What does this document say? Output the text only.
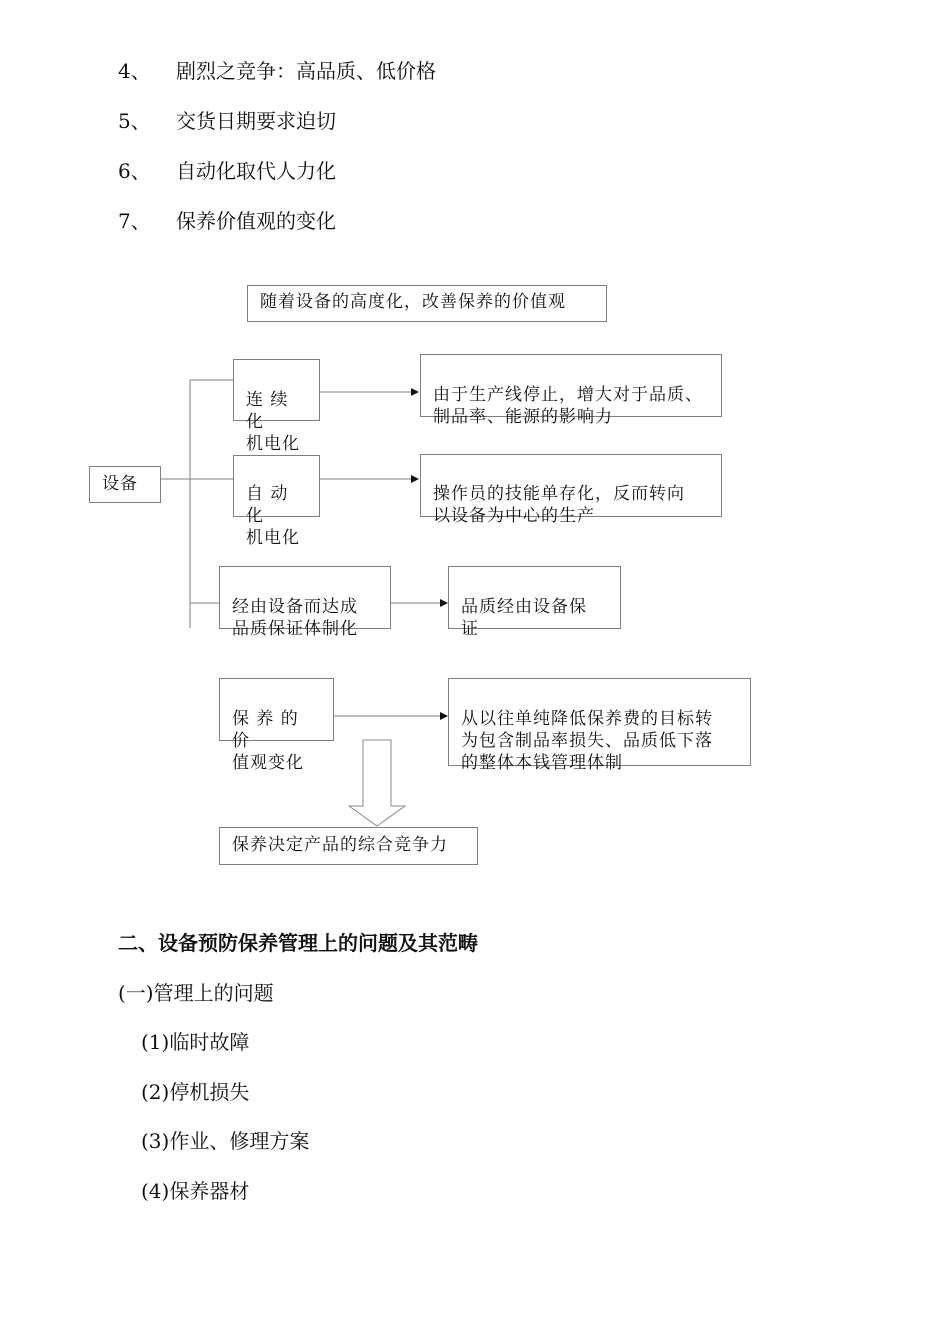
4、 剧烈之竞争：高品质、低价格
5、 交货日期要求迫切
6、 自动化取代人力化
7、 保养价值观的变化
随着设备的高度化，改善保养的价值观
设备

连 续 化
机电化

由于生产线停止，增大对于品质、
制品率、能源的影响力

自 动 化
机电化

操作员的技能单存化，反而转向
以设备为中心的生产

经由设备而达成
品质保证体制化

品质经由设备保
证

保 养 的 价
值观变化

从以往单纯降低保养费的目标转
为包含制品率损失、品质低下落
的整体本钱管理体制

保养决定产品的综合竞争力
二、设备预防保养管理上的问题及其范畴
(一)管理上的问题
(1)临时故障
(2)停机损失
(3)作业、修理方案
(4)保养器材
